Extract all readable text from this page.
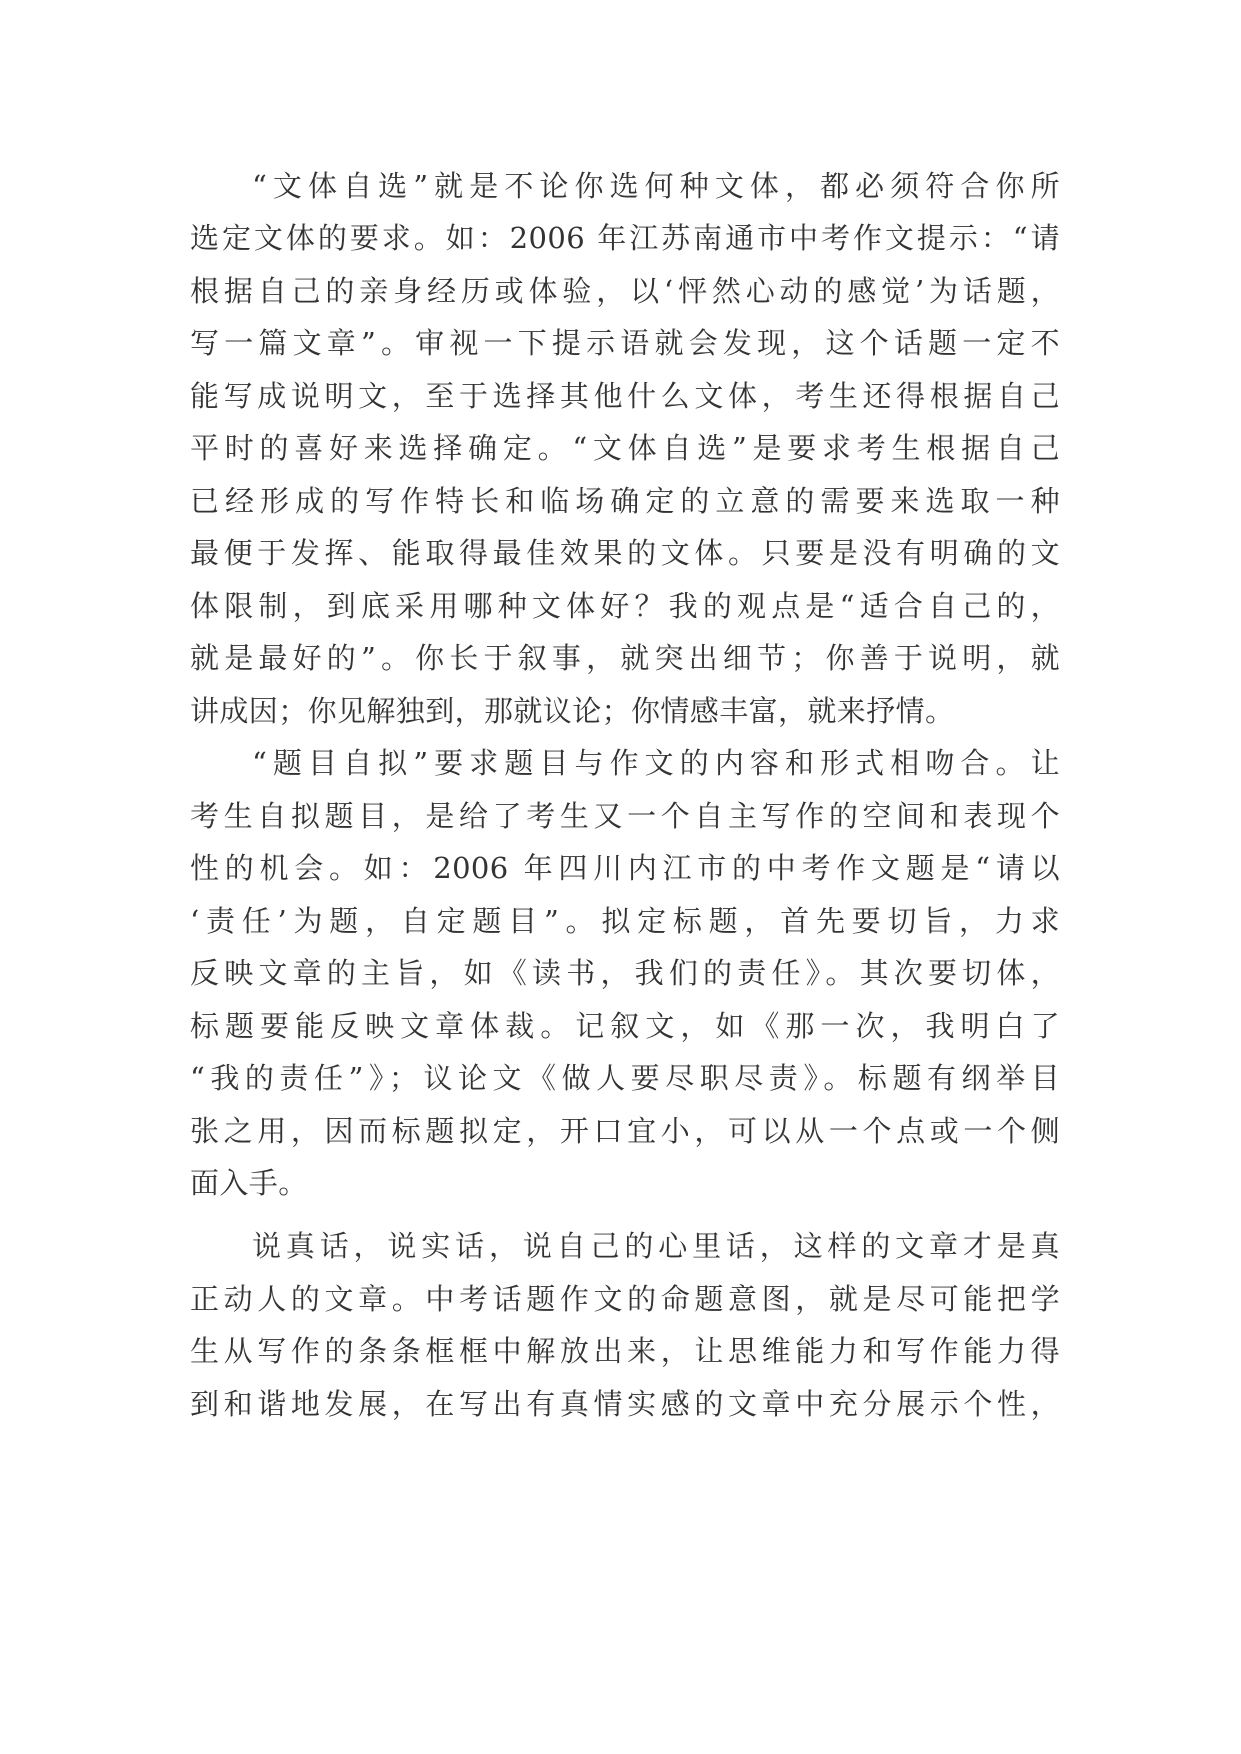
“文体自选”就是不论你选何种文体，都必须符合你所
选定文体的要求。如：2006 年江苏南通市中考作文提示：“请
根据自己的亲身经历或体验，以‘怦然心动的感觉’为话题，
写一篇文章”。审视一下提示语就会发现，这个话题一定不
能写成说明文，至于选择其他什么文体，考生还得根据自己
平时的喜好来选择确定。“文体自选”是要求考生根据自己
已经形成的写作特长和临场确定的立意的需要来选取一种
最便于发挥、能取得最佳效果的文体。只要是没有明确的文
体限制，到底采用哪种文体好？我的观点是“适合自己的，
就是最好的”。你长于叙事，就突出细节；你善于说明，就
讲成因；你见解独到，那就议论；你情感丰富，就来抒情。
“题目自拟”要求题目与作文的内容和形式相吻合。让
考生自拟题目，是给了考生又一个自主写作的空间和表现个
性的机会。如：2006 年四川内江市的中考作文题是“请以
‘责任’为题，自定题目”。拟定标题，首先要切旨，力求
反映文章的主旨，如《读书，我们的责任》。其次要切体，
标题要能反映文章体裁。记叙文，如《那一次，我明白了
“我的责任”》；议论文《做人要尽职尽责》。标题有纲举目
张之用，因而标题拟定，开口宜小，可以从一个点或一个侧
面入手。
说真话，说实话，说自己的心里话，这样的文章才是真
正动人的文章。中考话题作文的命题意图，就是尽可能把学
生从写作的条条框框中解放出来，让思维能力和写作能力得
到和谐地发展，在写出有真情实感的文章中充分展示个性，
